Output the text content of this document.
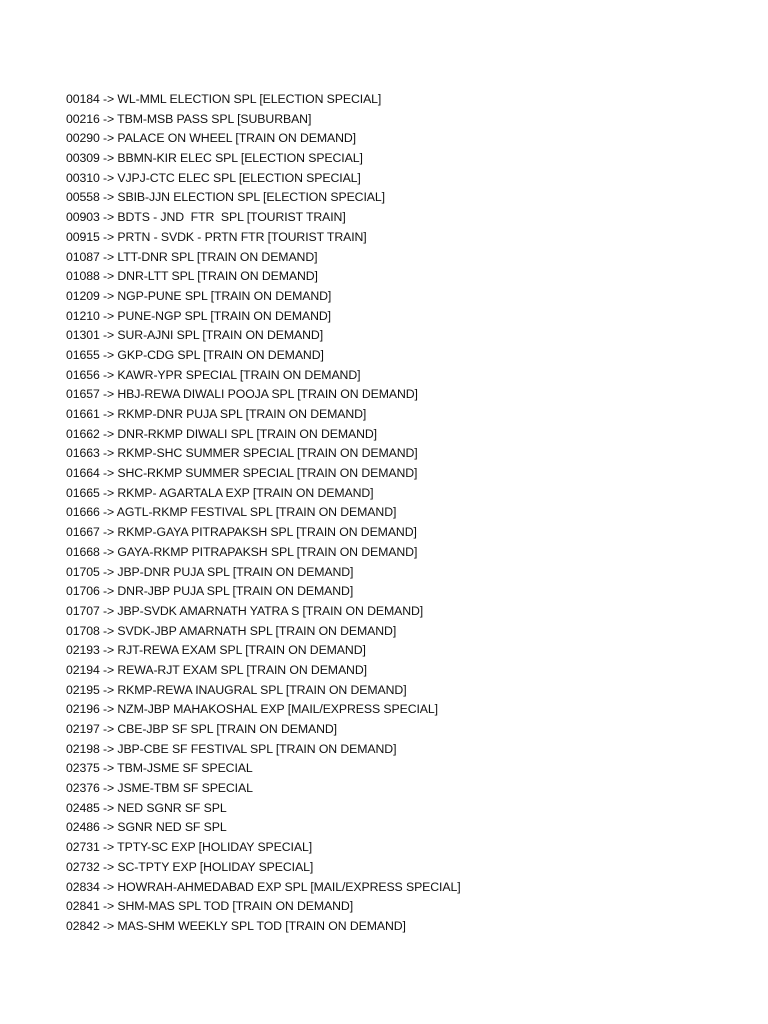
00184 -> WL-MML ELECTION SPL [ELECTION SPECIAL]
00216 -> TBM-MSB PASS SPL [SUBURBAN]
00290 -> PALACE ON WHEEL [TRAIN ON DEMAND]
00309 -> BBMN-KIR ELEC SPL [ELECTION SPECIAL]
00310 -> VJPJ-CTC ELEC SPL [ELECTION SPECIAL]
00558 -> SBIB-JJN ELECTION SPL [ELECTION SPECIAL]
00903 -> BDTS - JND  FTR  SPL [TOURIST TRAIN]
00915 -> PRTN - SVDK - PRTN FTR [TOURIST TRAIN]
01087 -> LTT-DNR SPL [TRAIN ON DEMAND]
01088 -> DNR-LTT SPL [TRAIN ON DEMAND]
01209 -> NGP-PUNE SPL [TRAIN ON DEMAND]
01210 -> PUNE-NGP SPL [TRAIN ON DEMAND]
01301 -> SUR-AJNI SPL [TRAIN ON DEMAND]
01655 -> GKP-CDG SPL [TRAIN ON DEMAND]
01656 -> KAWR-YPR SPECIAL [TRAIN ON DEMAND]
01657 -> HBJ-REWA DIWALI POOJA SPL [TRAIN ON DEMAND]
01661 -> RKMP-DNR PUJA SPL [TRAIN ON DEMAND]
01662 -> DNR-RKMP DIWALI SPL [TRAIN ON DEMAND]
01663 -> RKMP-SHC SUMMER SPECIAL [TRAIN ON DEMAND]
01664 -> SHC-RKMP SUMMER SPECIAL [TRAIN ON DEMAND]
01665 -> RKMP- AGARTALA EXP [TRAIN ON DEMAND]
01666 -> AGTL-RKMP FESTIVAL SPL [TRAIN ON DEMAND]
01667 -> RKMP-GAYA PITRAPAKSH SPL [TRAIN ON DEMAND]
01668 -> GAYA-RKMP PITRAPAKSH SPL [TRAIN ON DEMAND]
01705 -> JBP-DNR PUJA SPL [TRAIN ON DEMAND]
01706 -> DNR-JBP PUJA SPL [TRAIN ON DEMAND]
01707 -> JBP-SVDK AMARNATH YATRA S [TRAIN ON DEMAND]
01708 -> SVDK-JBP AMARNATH SPL [TRAIN ON DEMAND]
02193 -> RJT-REWA EXAM SPL [TRAIN ON DEMAND]
02194 -> REWA-RJT EXAM SPL [TRAIN ON DEMAND]
02195 -> RKMP-REWA INAUGRAL SPL [TRAIN ON DEMAND]
02196 -> NZM-JBP MAHAKOSHAL EXP [MAIL/EXPRESS SPECIAL]
02197 -> CBE-JBP SF SPL [TRAIN ON DEMAND]
02198 -> JBP-CBE SF FESTIVAL SPL [TRAIN ON DEMAND]
02375 -> TBM-JSME SF SPECIAL
02376 -> JSME-TBM SF SPECIAL
02485 -> NED SGNR SF SPL
02486 -> SGNR NED SF SPL
02731 -> TPTY-SC EXP [HOLIDAY SPECIAL]
02732 -> SC-TPTY EXP [HOLIDAY SPECIAL]
02834 -> HOWRAH-AHMEDABAD EXP SPL [MAIL/EXPRESS SPECIAL]
02841 -> SHM-MAS SPL TOD [TRAIN ON DEMAND]
02842 -> MAS-SHM WEEKLY SPL TOD [TRAIN ON DEMAND]
